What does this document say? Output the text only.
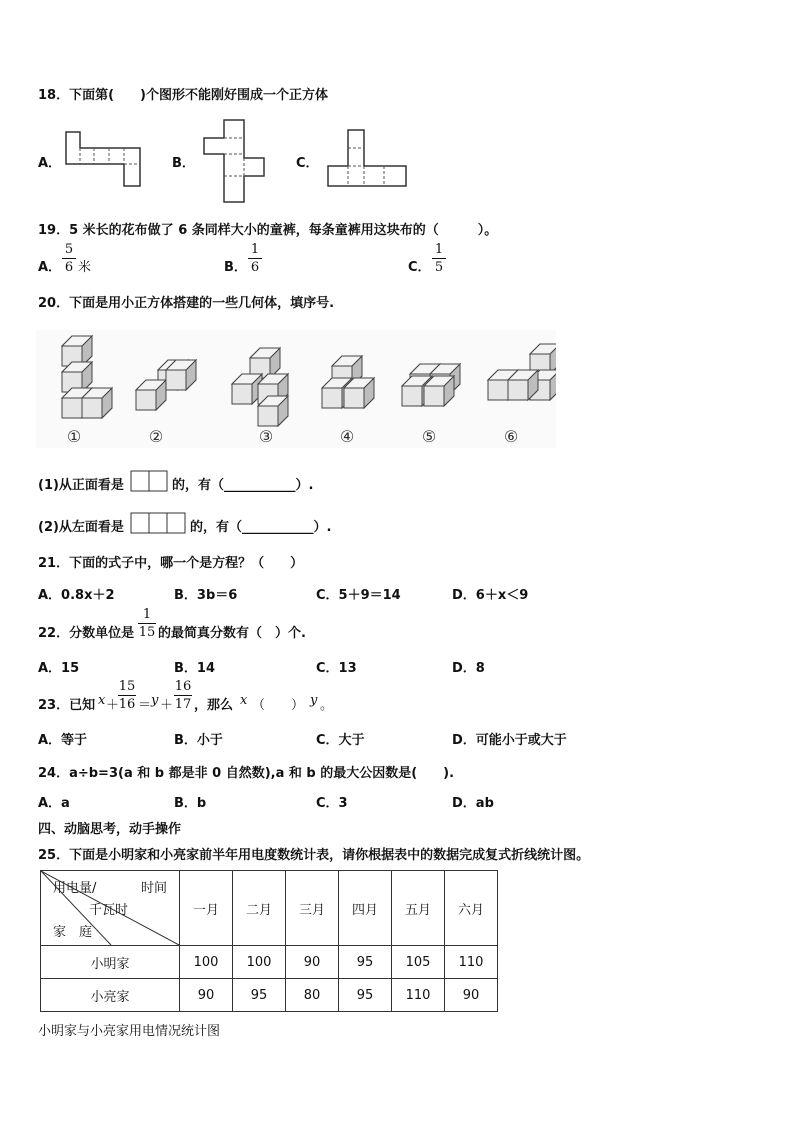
18．下面第(　　)个图形不能刚好围成一个正方体
A．	B．	C．
19．5 米长的花布做了 6 条同样大小的童裤，每条童裤用这块布的（　　　）。
A．
5
6 米	B．
1
6	C．
1
5
20．下面是用小正方体搭建的一些几何体，填序号.
①	②	③	④	⑤	⑥
(1)从正面看是	的，有（___________）.
(2)从左面看是	的，有（___________）.
21．下面的式子中，哪一个是方程？（　　）
A．0.8x＋2	B．3b＝6	C．5＋9＝14	D．6＋x＜9
22．分数单位是
1
15 的最简真分数有（　）个.
A．15	B．14	C．13	D．8
23．已知 x ＋
15
16 ＝ y ＋
16
17 ，那么 x （　　） y 。
A．等于	B．小于	C．大于	D．可能小于或大于
24．a÷b=3(a 和 b 都是非 0 自然数),a 和 b 的最大公因数是(　　).
A．a	B．b	C．3	D．ab
四、动脑思考，动手操作
25．下面是小明家和小亮家前半年用电度数统计表，请你根据表中的数据完成复式折线统计图。
用电量/ 时间
千瓦时
家　庭	一月	二月	三月	四月	五月	六月
小明家	100	100	90	95	105	110
小亮家	90	95	80	95	110	90
小明家与小亮家用电情况统计图
